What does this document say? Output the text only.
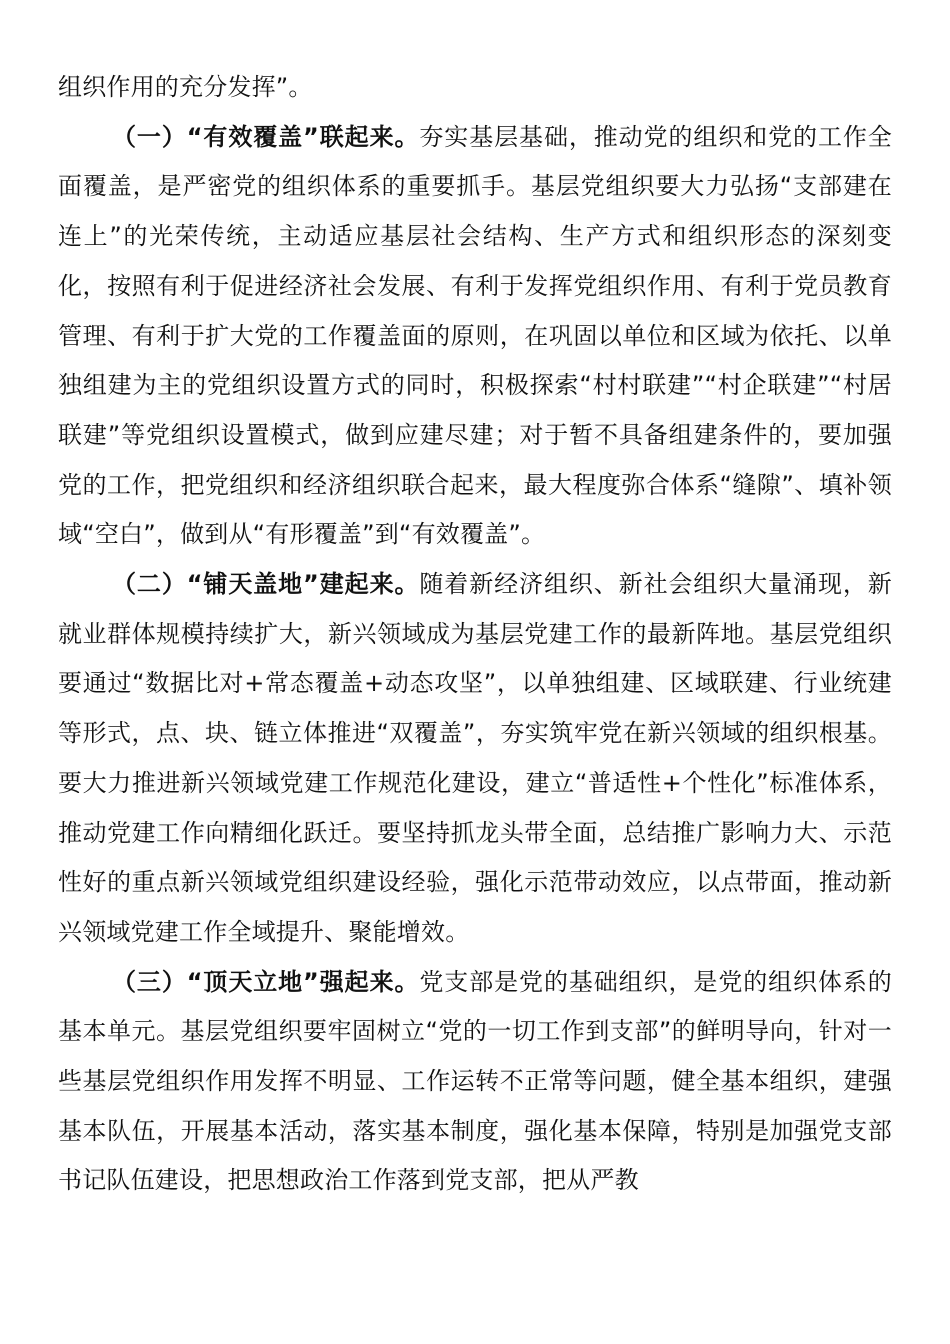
组织作用的充分发挥”。

（一）“有效覆盖”联起来。夯实基层基础，推动党的组织和党的工作全面覆盖，是严密党的组织体系的重要抓手。基层党组织要大力弘扬“支部建在连上”的光荣传统，主动适应基层社会结构、生产方式和组织形态的深刻变化，按照有利于促进经济社会发展、有利于发挥党组织作用、有利于党员教育管理、有利于扩大党的工作覆盖面的原则，在巩固以单位和区域为依托、以单独组建为主的党组织设置方式的同时，积极探索“村村联建”“村企联建”“村居联建”等党组织设置模式，做到应建尽建；对于暂不具备组建条件的，要加强党的工作，把党组织和经济组织联合起来，最大程度弥合体系“缝隙”、填补领域“空白”，做到从“有形覆盖”到“有效覆盖”。

（二）“铺天盖地”建起来。随着新经济组织、新社会组织大量涌现，新就业群体规模持续扩大，新兴领域成为基层党建工作的最新阵地。基层党组织要通过“数据比对+常态覆盖+动态攻坚”，以单独组建、区域联建、行业统建等形式，点、块、链立体推进“双覆盖”，夯实筑牢党在新兴领域的组织根基。要大力推进新兴领域党建工作规范化建设，建立“普适性+个性化”标准体系，推动党建工作向精细化跃迁。要坚持抓龙头带全面，总结推广影响力大、示范性好的重点新兴领域党组织建设经验，强化示范带动效应，以点带面，推动新兴领域党建工作全域提升、聚能增效。

（三）“顶天立地”强起来。党支部是党的基础组织，是党的组织体系的基本单元。基层党组织要牢固树立“党的一切工作到支部”的鲜明导向，针对一些基层党组织作用发挥不明显、工作运转不正常等问题，健全基本组织，建强基本队伍，开展基本活动，落实基本制度，强化基本保障，特别是加强党支部书记队伍建设，把思想政治工作落到党支部，把从严教
